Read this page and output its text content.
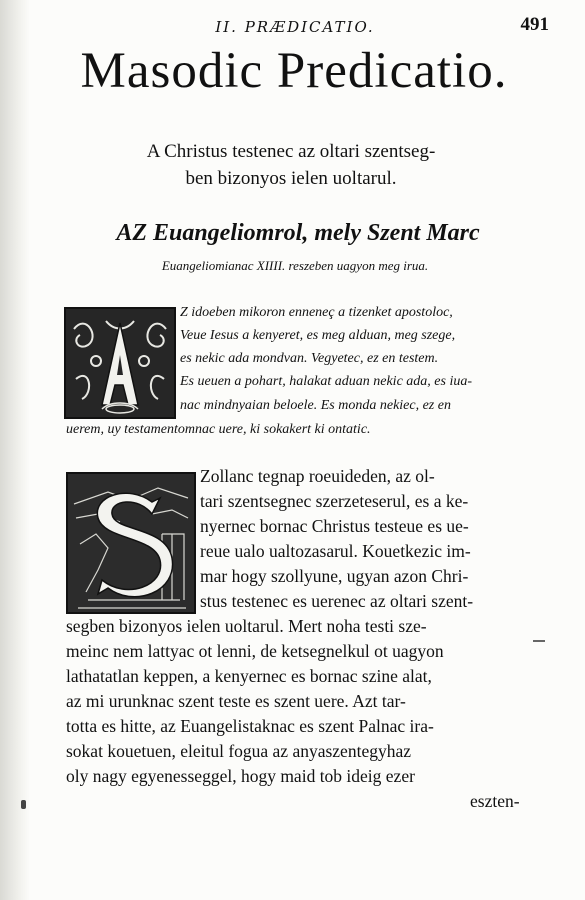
II. PRÆDICATIO.	491
Masodic Predicatio.
A Christus testenec az oltari szentseg-
ben bizonyos ielen uoltarul.
AZ Euangeliomrol, mely Szent Marc
Euangeliomianac XIIII. reszeben uagyon meg irua.
Z idoeben mikoron enneneç a tizenket apostoloc,
Veue Iesus a kenyeret, es meg alduan, meg szege,
es nekic ada mondvan. Vegyetec, ez en testem.
Es ueuen a pohart, halakat aduan nekic ada, es iua-
nac mindnyaian beloele. Es monda nekiec, ez en
uerem, uy testamentomnac uere, ki sokakert ki ontatic.
Zollanc tegnap roeuideden, az ol-
tari szentsegnec szerzeteserul, es a ke-
nyernec bornac Christus testeue es ue-
reue ualo ualtozasarul. Kouetkezic im-
mar hogy szollyune, ugyan azon Chri-
stus testenec es uerenec az oltari szent-
segben bizonyos ielen uoltarul. Mert noha testi sze-
meinc nem lattyac ot lenni, de ketsegnelkul ot uagyon
lathatatlan keppen, a kenyernec es bornac szine alat,
az mi urunknac szent teste es szent uere. Azt tar-
totta es hitte, az Euangelistaknac es szent Palnac ira-
sokat kouetuen, eleitul fogua az anyaszentegyhaz
oly nagy egyenesseggel, hogy maid tob ideig ezer
eszten-
